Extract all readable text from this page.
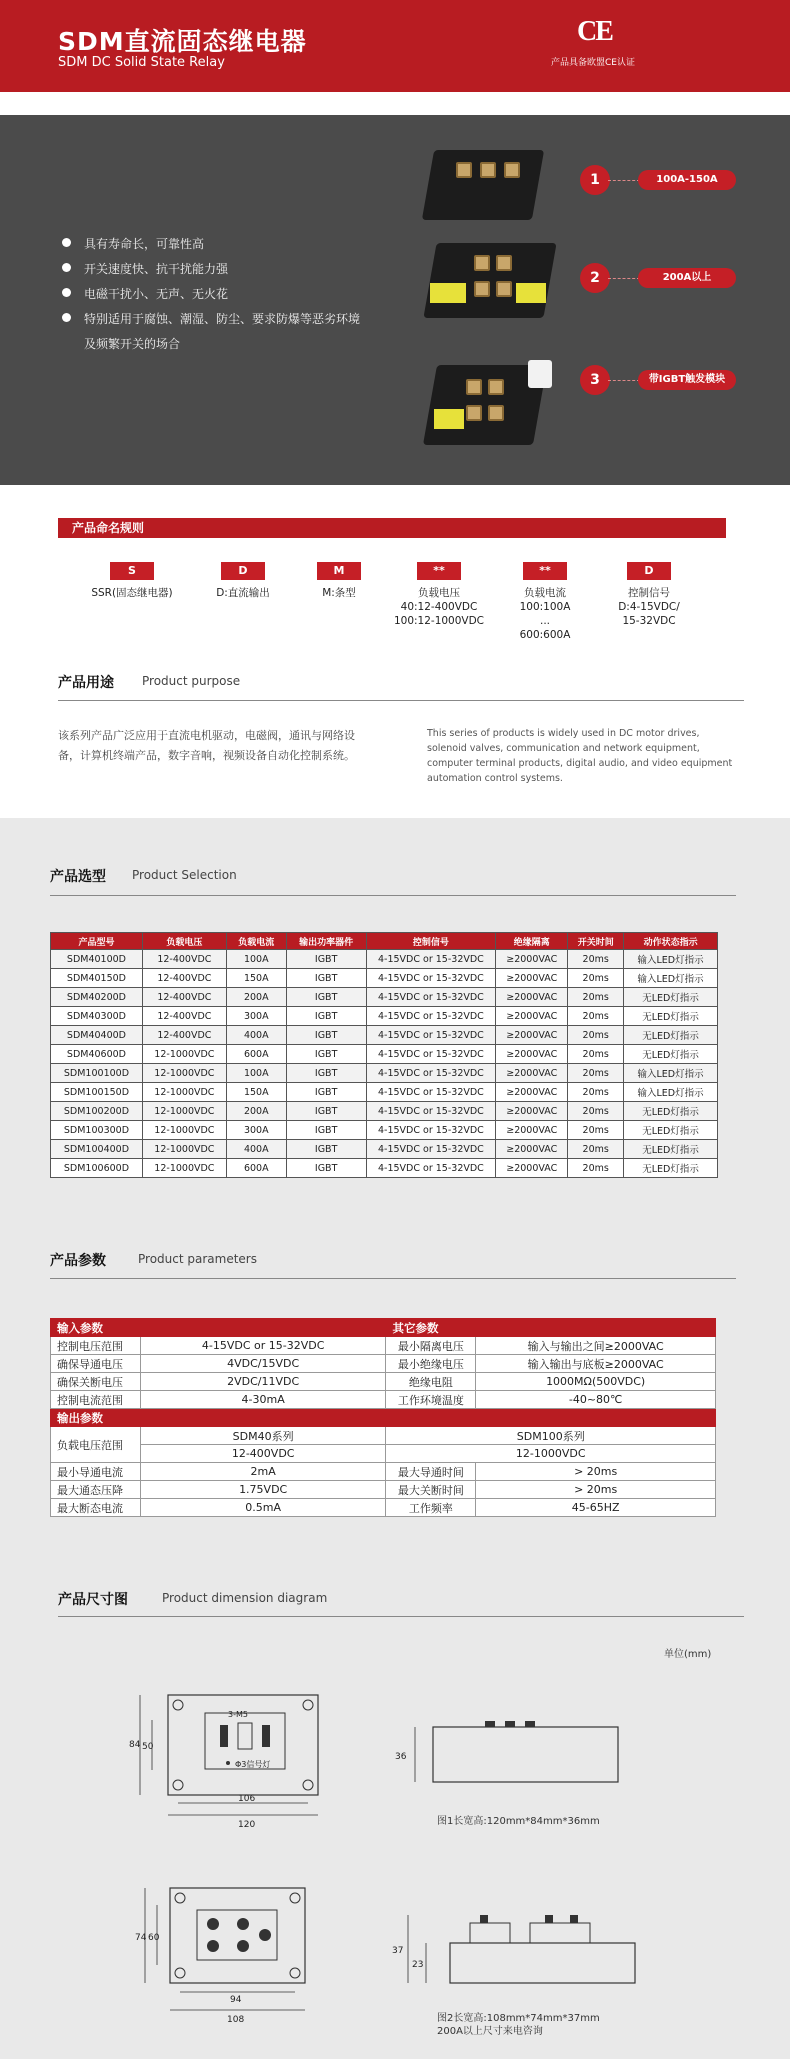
SDM直流固态继电器
SDM DC Solid State Relay
CE
产品具备欧盟CE认证
具有寿命长，可靠性高
开关速度快、抗干扰能力强
电磁干扰小、无声、无火花
特别适用于腐蚀、潮湿、防尘、要求防爆等恶劣环境
及频繁开关的场合
1	100A-150A
2	200A以上
3	带IGBT触发模块
产品命名规则
S
SSR(固态继电器)
D
D:直流输出
M
M:条型
**
负载电压
40:12-400VDC
100:12-1000VDC
**
负载电流
100:100A
...
600:600A
D
控制信号
D:4-15VDC/
15-32VDC
产品用途 Product purpose
该系列产品广泛应用于直流电机驱动，电磁阀，通讯与网络设备，计算机终端产品，数字音响，视频设备自动化控制系统。
This series of products is widely used in DC motor drives, solenoid valves, communication and network equipment, computer terminal products, digital audio, and video equipment automation control systems.
产品选型 Product Selection
产品型号	负载电压	负载电流	输出功率器件	控制信号	绝缘隔离	开关时间	动作状态指示
SDM40100D	12-400VDC	100A	IGBT	4-15VDC or 15-32VDC	≥2000VAC	20ms	输入LED灯指示
SDM40150D	12-400VDC	150A	IGBT	4-15VDC or 15-32VDC	≥2000VAC	20ms	输入LED灯指示
SDM40200D	12-400VDC	200A	IGBT	4-15VDC or 15-32VDC	≥2000VAC	20ms	无LED灯指示
SDM40300D	12-400VDC	300A	IGBT	4-15VDC or 15-32VDC	≥2000VAC	20ms	无LED灯指示
SDM40400D	12-400VDC	400A	IGBT	4-15VDC or 15-32VDC	≥2000VAC	20ms	无LED灯指示
SDM40600D	12-1000VDC	600A	IGBT	4-15VDC or 15-32VDC	≥2000VAC	20ms	无LED灯指示
SDM100100D	12-1000VDC	100A	IGBT	4-15VDC or 15-32VDC	≥2000VAC	20ms	输入LED灯指示
SDM100150D	12-1000VDC	150A	IGBT	4-15VDC or 15-32VDC	≥2000VAC	20ms	输入LED灯指示
SDM100200D	12-1000VDC	200A	IGBT	4-15VDC or 15-32VDC	≥2000VAC	20ms	无LED灯指示
SDM100300D	12-1000VDC	300A	IGBT	4-15VDC or 15-32VDC	≥2000VAC	20ms	无LED灯指示
SDM100400D	12-1000VDC	400A	IGBT	4-15VDC or 15-32VDC	≥2000VAC	20ms	无LED灯指示
SDM100600D	12-1000VDC	600A	IGBT	4-15VDC or 15-32VDC	≥2000VAC	20ms	无LED灯指示
产品参数	Product parameters
输入参数		其它参数	
控制电压范围	4-15VDC or 15-32VDC	最小隔离电压	输入与输出之间≥2000VAC
确保导通电压	4VDC/15VDC	最小绝缘电压	输入输出与底板≥2000VAC
确保关断电压	2VDC/11VDC	绝缘电阻	1000MΩ(500VDC)
控制电流范围	4-30mA	工作环境温度	-40~80℃
输出参数			
负载电压范围	SDM40系列	SDM100系列	
	12-400VDC	12-1000VDC	
最小导通电流	2mA	最大导通时间	> 20ms
最大通态压降	1.75VDC	最大关断时间	> 20ms
最大断态电流	0.5mA	工作频率	45-65HZ
产品尺寸图	Product dimension diagram
单位(mm)
3-M5
Φ3信号灯
106
120
84 50
36
图1长宽高:120mm*84mm*36mm
94
108
74 60
37
23
图2长宽高:108mm*74mm*37mm
200A以上尺寸来电咨询
